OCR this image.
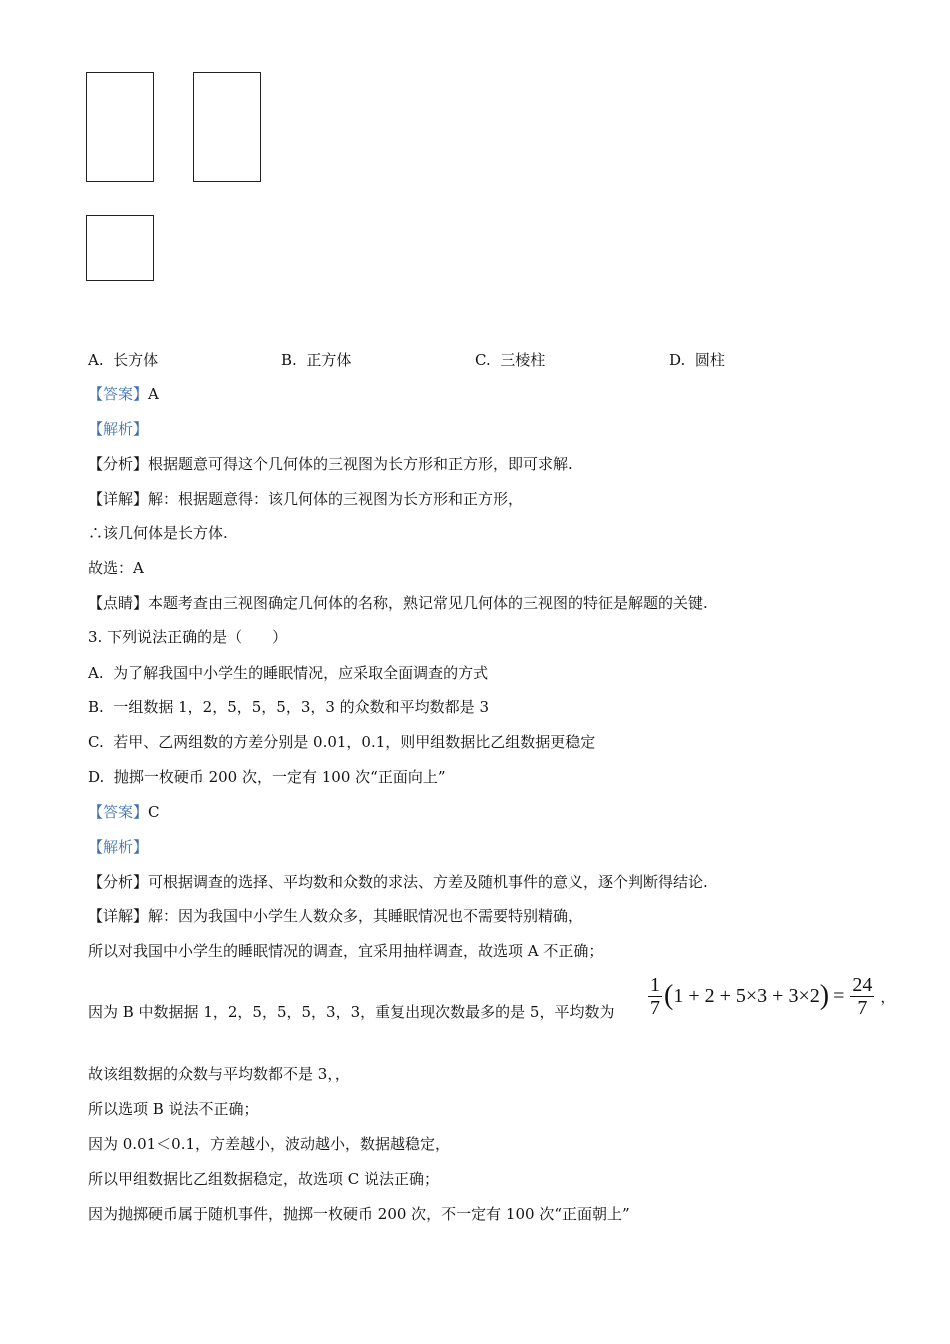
A. 长方体	B. 正方体	C. 三棱柱	D. 圆柱
【答案】A
【解析】
【分析】根据题意可得这个几何体的三视图为长方形和正方形，即可求解.
【详解】解：根据题意得：该几何体的三视图为长方形和正方形，
∴该几何体是长方体.
故选：A
【点睛】本题考查由三视图确定几何体的名称，熟记常见几何体的三视图的特征是解题的关键.
3. 下列说法正确的是（　　）
A. 为了解我国中小学生的睡眠情况，应采取全面调查的方式
B. 一组数据 1，2，5，5，5，3，3 的众数和平均数都是 3
C. 若甲、乙两组数的方差分别是 0.01，0.1，则甲组数据比乙组数据更稳定
D. 抛掷一枚硬币 200 次，一定有 100 次“正面向上”
【答案】C
【解析】
【分析】可根据调查的选择、平均数和众数的求法、方差及随机事件的意义，逐个判断得结论.
【详解】解：因为我国中小学生人数众多，其睡眠情况也不需要特别精确，
所以对我国中小学生的睡眠情况的调查，宜采用抽样调查，故选项 A 不正确；
因为 B 中数据据 1，2，5，5，5，3，3，重复出现次数最多的是 5，平均数为 $\frac{1}{7}$ ( 1 + 2 + 5×3 + 3×2 ) = $\frac{24}{7}$ ，
故该组数据的众数与平均数都不是 3，，
所以选项 B 说法不正确；
因为 0.01＜0.1，方差越小，波动越小，数据越稳定，
所以甲组数据比乙组数据稳定，故选项 C 说法正确；
因为抛掷硬币属于随机事件，抛掷一枚硬币 200 次，不一定有 100 次“正面朝上”
